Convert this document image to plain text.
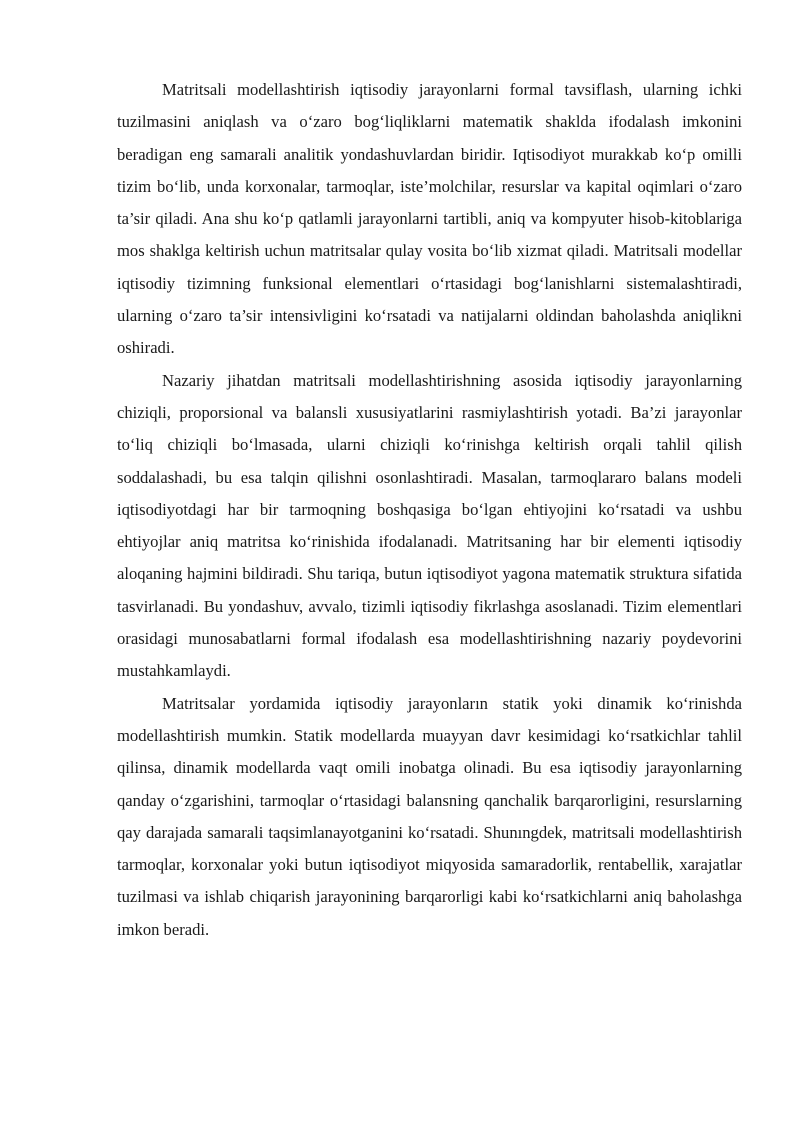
Matritsali modellashtirish iqtisodiy jarayonlarni formal tavsiflash, ularning ichki tuzilmasini aniqlash va o‘zaro bog‘liqliklarni matematik shaklda ifodalash imkonini beradigan eng samarali analitik yondashuvlardan biridir. Iqtisodiyot murakkab ko‘p omilli tizim bo‘lib, unda korxonalar, tarmoqlar, iste’molchilar, resurslar va kapital oqimlari o‘zaro ta’sir qiladi. Ana shu ko‘p qatlamli jarayonlarni tartibli, aniq va kompyuter hisob-kitoblariga mos shaklga keltirish uchun matritsalar qulay vosita bo‘lib xizmat qiladi. Matritsali modellar iqtisodiy tizimning funksional elementlari o‘rtasidagi bog‘lanishlarni sistemalashtiradi, ularning o‘zaro ta’sir intensivligini ko‘rsatadi va natijalarni oldindan baholashda aniqlikni oshiradi.

Nazariy jihatdan matritsali modellashtirishning asosida iqtisodiy jarayonlarning chiziqli, proporsional va balansli xususiyatlarini rasmiylashtirish yotadi. Ba’zi jarayonlar to‘liq chiziqli bo‘lmasada, ularni chiziqli ko‘rinishga keltirish orqali tahlil qilish soddalashadi, bu esa talqin qilishni osonlashtiradi. Masalan, tarmoqlararo balans modeli iqtisodiyotdagi har bir tarmoqning boshqasiga bo‘lgan ehtiyojini ko‘rsatadi va ushbu ehtiyojlar aniq matritsa ko‘rinishida ifodalanadi. Matritsaning har bir elementi iqtisodiy aloqaning hajmini bildiradi. Shu tariqa, butun iqtisodiyot yagona matematik struktura sifatida tasvirlanadi. Bu yondashuv, avvalo, tizimli iqtisodiy fikrlashga asoslanadi. Tizim elementlari orasidagi munosabatlarni formal ifodalash esa modellashtirishning nazariy poydevorini mustahkamlaydi.

Matritsalar yordamida iqtisodiy jarayonların statik yoki dinamik ko‘rinishda modellashtirish mumkin. Statik modellarda muayyan davr kesimidagi ko‘rsatkichlar tahlil qilinsa, dinamik modellarda vaqt omili inobatga olinadi. Bu esa iqtisodiy jarayonlarning qanday o‘zgarishini, tarmoqlar o‘rtasidagi balansning qanchalik barqarorligini, resurslarning qay darajada samarali taqsimlanayotganini ko‘rsatadi. Shunıngdek, matritsali modellashtirish tarmoqlar, korxonalar yoki butun iqtisodiyot miqyosida samaradorlik, rentabellik, xarajatlar tuzilmasi va ishlab chiqarish jarayonining barqarorligi kabi ko‘rsatkichlarni aniq baholashga imkon beradi.
